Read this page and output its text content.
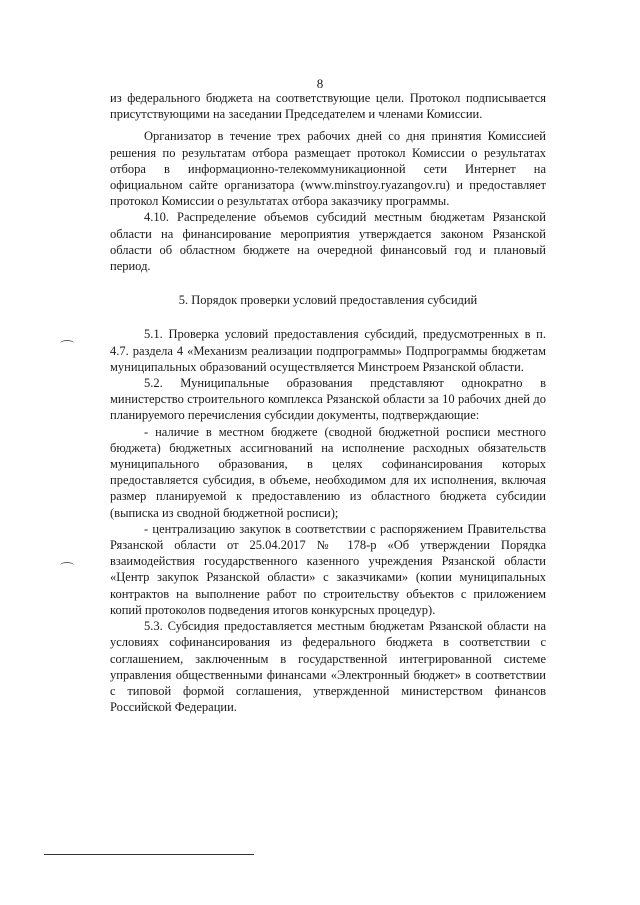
8

из федерального бюджета на соответствующие цели. Протокол подписывается присутствующими на заседании Председателем и членами Комиссии.

Организатор в течение трех рабочих дней со дня принятия Комиссией решения по результатам отбора размещает протокол Комиссии о результатах отбора в информационно-телекоммуникационной сети Интернет на официальном сайте организатора (www.minstroy.ryazangov.ru) и предоставляет протокол Комиссии о результатах отбора заказчику программы.

4.10. Распределение объемов субсидий местным бюджетам Рязанской области на финансирование мероприятия утверждается законом Рязанской области об областном бюджете на очередной финансовый год и плановый период.

5. Порядок проверки условий предоставления субсидий

5.1. Проверка условий предоставления субсидий, предусмотренных в п. 4.7. раздела 4 «Механизм реализации подпрограммы» Подпрограммы бюджетам муниципальных образований осуществляется Минстроем Рязанской области.

5.2. Муниципальные образования представляют однократно в министерство строительного комплекса Рязанской области за 10 рабочих дней до планируемого перечисления субсидии документы, подтверждающие:

- наличие в местном бюджете (сводной бюджетной росписи местного бюджета) бюджетных ассигнований на исполнение расходных обязательств муниципального образования, в целях софинансирования которых предоставляется субсидия, в объеме, необходимом для их исполнения, включая размер планируемой к предоставлению из областного бюджета субсидии (выписка из сводной бюджетной росписи);

- централизацию закупок в соответствии с распоряжением Правительства Рязанской области от 25.04.2017 № 178-р «Об утверждении Порядка взаимодействия государственного казенного учреждения Рязанской области «Центр закупок Рязанской области» с заказчиками» (копии муниципальных контрактов на выполнение работ по строительству объектов с приложением копий протоколов подведения итогов конкурсных процедур).

5.3. Субсидия предоставляется местным бюджетам Рязанской области на условиях софинансирования из федерального бюджета в соответствии с соглашением, заключенным в государственной интегрированной системе управления общественными финансами «Электронный бюджет» в соответствии с типовой формой соглашения, утвержденной министерством финансов Российской Федерации.
